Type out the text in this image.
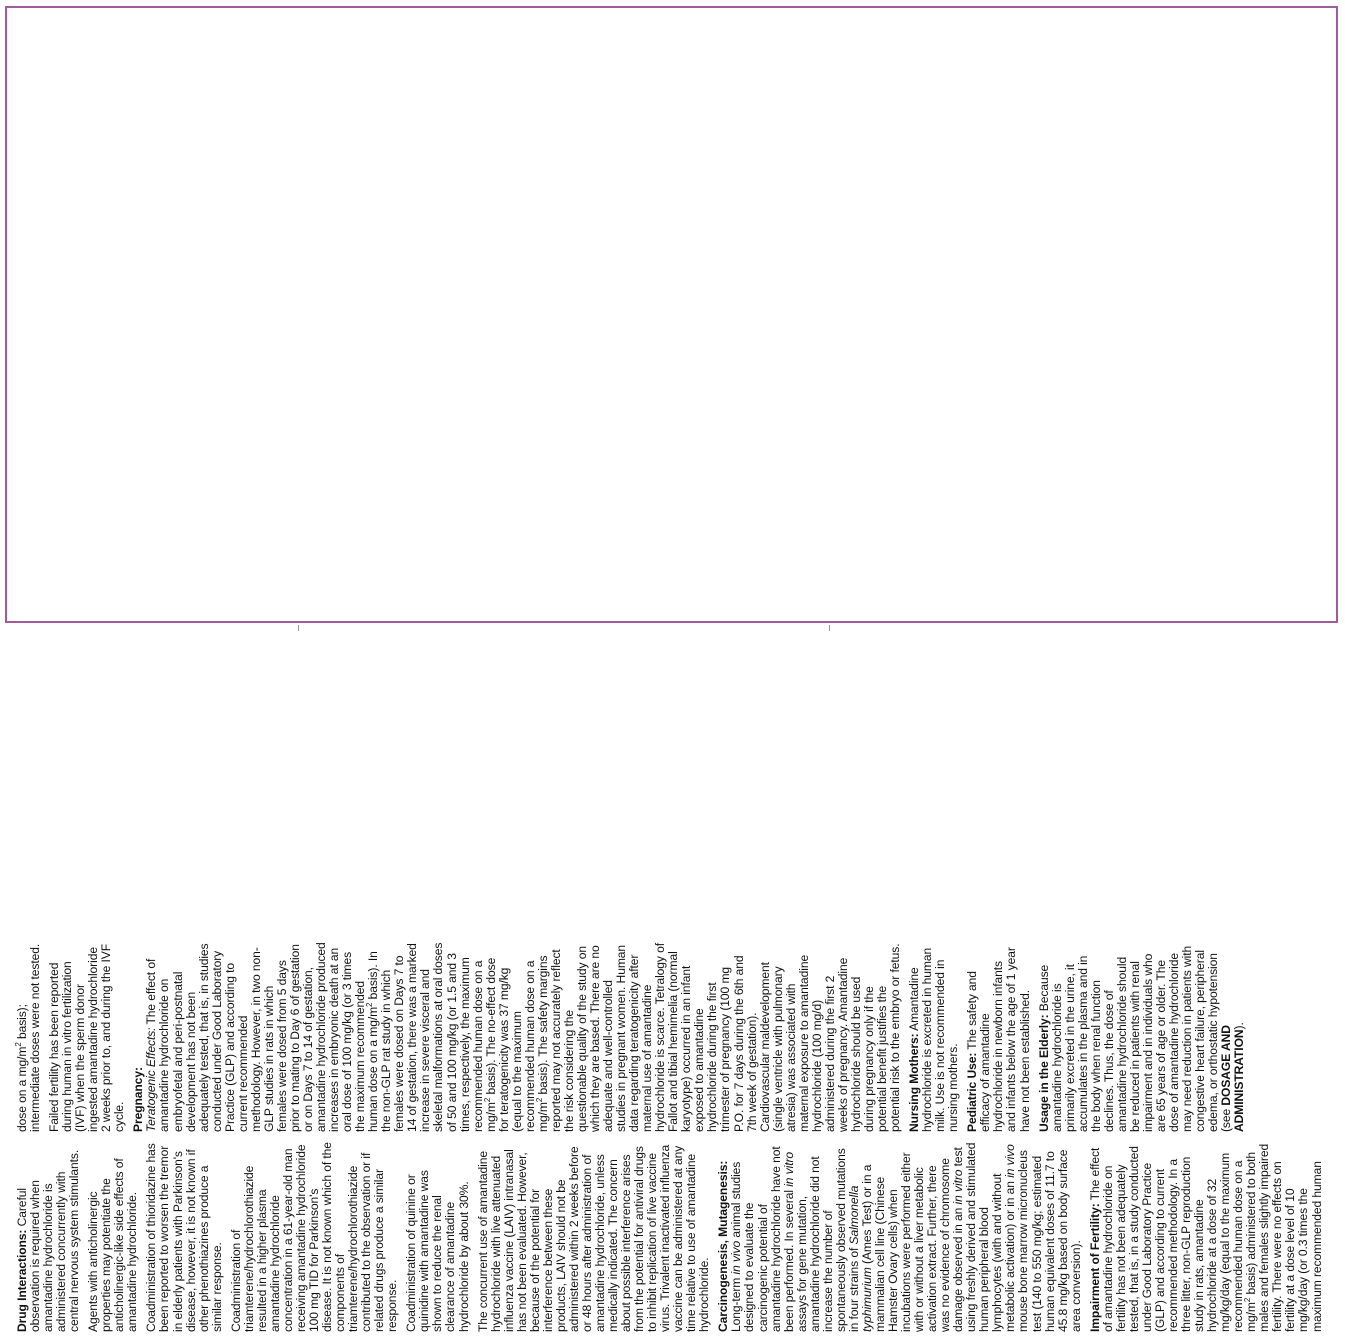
Drug Interactions: Careful observation is required when amantadine hydrochloride is administered concurrently with central nervous system stimulants. Agents with anticholinergic properties may potentiate the anticholinergic-like side effects of amantadine hydrochloride. Coadministration of thioridazine has been reported to worsen the tremor in elderly patients with Parkinson's disease, however, it is not known if other phenothiazines produce a similar response. Coadministration of triamterene/hydrochlorothiazide resulted in a higher plasma amantadine hydrochloride concentration in a 61-year-old man receiving amantadine hydrochloride 100 mg TID for Parkinson's disease. It is not known which of the components of triamterene/hydrochlorothiazide contributed to the observation or if related drugs produce a similar response. Coadministration of quinine or quinidine with amantadine was shown to reduce the renal clearance of amantadine hydrochloride by about 30%. The concurrent use of amantadine hydrochloride with live attenuated influenza vaccine (LAIV) intranasal has not been evaluated. However, because of the potential for interference between these products, LAIV should not be administered within 2 weeks before or 48 hours after administration of amantadine hydrochloride, unless medically indicated. The concern about possible interference arises from the potential for antiviral drugs to inhibit replication of live vaccine virus. Trivalent inactivated influenza vaccine can be administered at any time relative to use of amantadine hydrochloride. Carcinogenesis, Mutagenesis: Long-term in vivo animal studies designed to evaluate the carcinogenic potential of amantadine hydrochloride have not been performed. In several in vitro assays for gene mutation, amantadine hydrochloride did not increase the number of spontaneously observed mutations in four strains of Salmonella typhimurium (Ames Test) or in a mammalian cell line (Chinese Hamster Ovary cells) when incubations were performed either with or without a liver metabolic activation extract. Further, there was no evidence of chromosome damage observed in an in vitro test using freshly derived and stimulated human peripheral blood lymphocytes (with and without metabolic activation) or in an in vivo mouse bone marrow micronucleus test (140 to 550 mg/kg; estimated human equivalent doses of 11.7 to 45.8 mg/kg based on body surface area conversion). Impairment of Fertility: The effect of amantadine hydrochloride on fertility has not been adequately tested, that is, in a study conducted under Good Laboratory Practice (GLP) and according to current recommended methodology. In a three litter, non-GLP reproduction study in rats, amantadine hydrochloride at a dose of 32 mg/kg/day (equal to the maximum recommended human dose on a $mg/m^2$ basis) administered to both males and females slightly impaired fertility. There were no effects on fertility at a dose level of 10 mg/kg/day (or 0.3 times the maximum recommended human dose on a $mg/m^2$ basis); intermediate doses were not tested. Failed fertility has been reported during human in vitro fertilization (IVF) when the sperm donor ingested amantadine hydrochloride 2 weeks prior to, and during the IVF cycle. Pregnancy: Teratogenic Effects: The effect of amantadine hydrochloride on embryofetal and peri-postnatal development has not been adequately tested, that is, in studies conducted under Good Laboratory Practice (GLP) and according to current recommended methodology. However, in two non-GLP studies in rats in which females were dosed from 5 days prior to mating to Day 6 of gestation or on Days 7 to 14 of gestation, amantadine hydrochloride produced increases in embryonic death at an oral dose of 100 mg/kg (or 3 times the maximum recommended human dose on a $mg/m^2$ basis). In the non-GLP rat study in which females were dosed on Days 7 to 14 of gestation, there was a marked increase in severe visceral and skeletal malformations at oral doses of 50 and 100 mg/kg (or 1.5 and 3 times, respectively, the maximum recommended human dose on a $mg/m^2$ basis). The no-effect dose for teratogenicity was 37 mg/kg (equal to the maximum recommended human dose on a $mg/m^2$ basis). The safety margins reported may not accurately reflect the risk considering the questionable quality of the study on which they are based. There are no adequate and well-controlled studies in pregnant women. Human data regarding teratogenicity after maternal use of amantadine hydrochloride is scarce. Tetralogy of Fallot and tibial hemimelia (normal karyotype) occurred in an infant exposed to amantadine hydrochloride during the first trimester of pregnancy (100 mg P.O. for 7 days during the 6th and 7th week of gestation). Cardiovascular maldevelopment (single ventricle with pulmonary atresia) was associated with maternal exposure to amantadine hydrochloride (100 mg/d) administered during the first 2 weeks of pregnancy. Amantadine hydrochloride should be used during pregnancy only if the potential benefit justifies the potential risk to the embryo or fetus. Nursing Mothers: Amantadine hydrochloride is excreted in human milk. Use is not recommended in nursing mothers. Pediatric Use: The safety and efficacy of amantadine hydrochloride in newborn infants and infants below the age of 1 year have not been established. Usage in the Elderly: Because amantadine hydrochloride is primarily excreted in the urine, it accumulates in the plasma and in the body when renal function declines. Thus, the dose of amantadine hydrochloride should be reduced in patients with renal impairment and in individuals who are 65 years of age or older. The dose of amantadine hydrochloride may need reduction in patients with congestive heart failure, peripheral edema, or orthostatic hypotension (see DOSAGE AND ADMINISTRATION).
